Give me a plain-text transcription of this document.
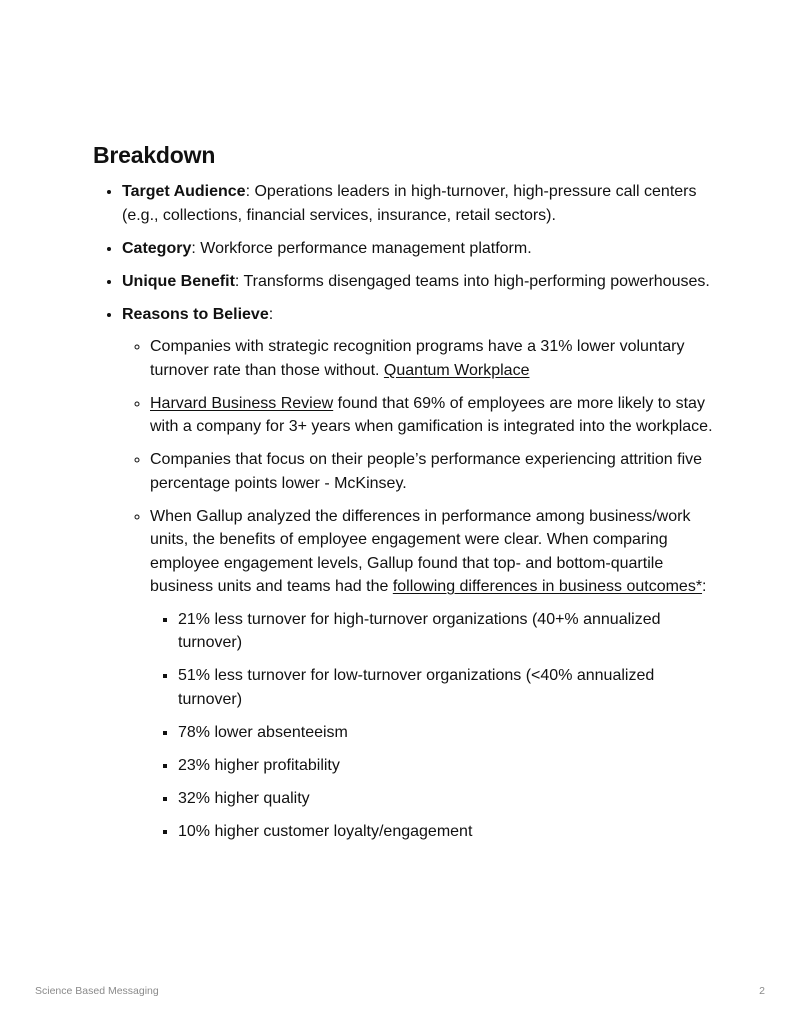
Breakdown
• Target Audience: Operations leaders in high-turnover, high-pressure call centers (e.g., collections, financial services, insurance, retail sectors).
• Category: Workforce performance management platform.
• Unique Benefit: Transforms disengaged teams into high-performing powerhouses.
• Reasons to Believe:
◦ Companies with strategic recognition programs have a 31% lower voluntary turnover rate than those without. Quantum Workplace
◦ Harvard Business Review found that 69% of employees are more likely to stay with a company for 3+ years when gamification is integrated into the workplace.
◦ Companies that focus on their people’s performance experiencing attrition five percentage points lower - McKinsey.
◦ When Gallup analyzed the differences in performance among business/work units, the benefits of employee engagement were clear. When comparing employee engagement levels, Gallup found that top- and bottom-quartile business units and teams had the following differences in business outcomes*:
▪ 21% less turnover for high-turnover organizations (40+% annualized turnover)
▪ 51% less turnover for low-turnover organizations (<40% annualized turnover)
▪ 78% lower absenteeism
▪ 23% higher profitability
▪ 32% higher quality
▪ 10% higher customer loyalty/engagement
Science Based Messaging	2
